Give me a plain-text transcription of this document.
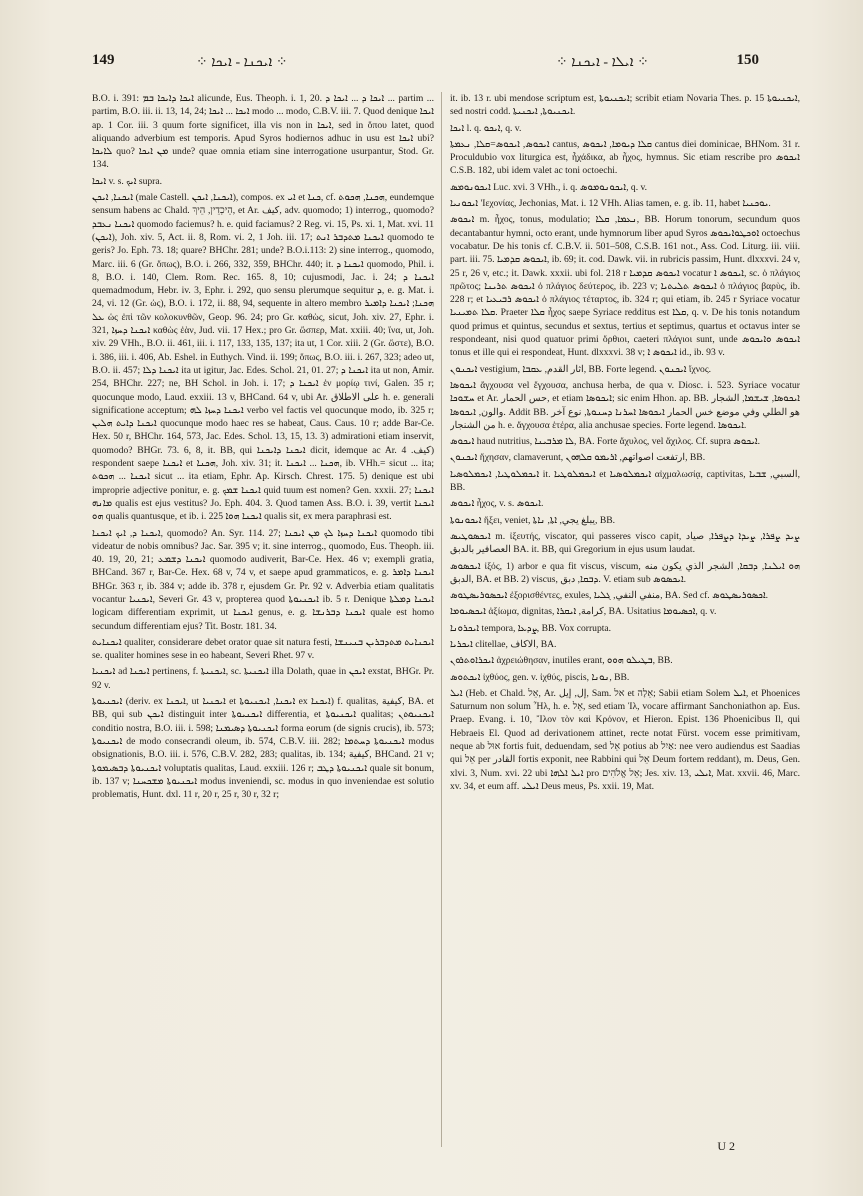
149	⁘ ܐܝܟܢܐ - ܐܝܟܐ ⁘	⁘ ܐܝܠܐ - ܐܝܟܢܐ ⁘	150

B.O. i. 391: ܐܝܟܐ ܕܐܝܟܐ ܒܡ alicunde, Eus. Theoph. i. 1, 20. ܐܝܟܐ ܕ ... ܐܝܟܐ ܕ ... partim ... partim, B.O. iii. ii. 13, 14, 24; ܐܝܟܐ ... ܐܝܟܐ modo ... modo, C.B.V. iii. 7. Quod denique ܐܝܟܐ ap. 1 Cor. iii. 3 quum forte significet, illa vis non in ܐܝܟܐ, sed in ὅπου latet, quod aliquando adverbium est temporis. Apud Syros hodiernos adhuc in usu est ܐܝܟܐ ubi? ܠܐܝܟܐ quo? ܡܢ ܐܝܟܐ unde? quae omnia etiam sine interrogatione usurpantur, Stod. Gr. 134.

ܐܝܟܐ v. s. ܐܝܟ supra.

ܐܝܟܢܐ, ܐܝܟܢ (male Castell. ܐܝܟܢܐ, ܐܝܟܢ), compos. ex ܐܝ et ܟܢܐ, cf. ܗܟܢܐ, ܗܟܘܬ, eundemque sensum habens ac Chald. הֵיכְדֵין, הֵיךְ, et Ar. كيف, adv. quomodo; 1) interrog., quomodo? ܐܝܟܢܐ ܢܥܒܕ quomodo faciemus? h. e. quid faciamus? 2 Reg. vi. 15, Ps. xi. 1, Mat. xvi. 11 (ܐܝܟܢ), Joh. xiv. 5, Act. ii. 8, Rom. vi. 2, 1 Joh. iii. 17; ܐܝܟܢܐ ܡܬܕܒܪ ܐܢܬ quomodo te geris? Jo. Eph. 73. 18; quare? BHChr. 281; unde? B.O.i.113: 2) sine interrog., quomodo, Marc. iii. 6 (Gr. ὅπως), B.O. i. 266, 332, 359, BHChr. 440; it. ܐܝܟܢܐ ܕ quomodo, Phil. i. 8, B.O. i. 140, Clem. Rom. Rec. 165. 8, 10; cujusmodi, Jac. i. 24; ܐܝܟܢܐ ܕ quemadmodum, Hebr. iv. 3, Ephr. i. 292, quo sensu plerumque sequitur ܕ, e. g. Mat. i. 24, vi. 12 (Gr. ὡς), B.O. i. 172, ii. 88, 94, sequente in altero membro ܗܟܢܐ; ܐܝܟܢܐ ܕܐܡܝܪ ܥܠ ὡς ἐπὶ τῶν κολοκυνθῶν, Geop. 96. 24; pro Gr. καθὼς, sicut, Joh. xiv. 27, Ephr. i. 321, ܐܝܟܢܐ ܕܚܙܐ καθὼς ἐὰν, Jud. vii. 17 Hex.; pro Gr. ὥσπερ, Mat. xxiii. 40; ἵνα, ut, Joh. xiv. 29 VHh., B.O. ii. 461, iii. i. 117, 133, 135, 137; ita ut, 1 Cor. xiii. 2 (Gr. ὥστε), B.O. i. 386, iii. i. 406, Ab. Eshel. in Euthych. Vind. ii. 199; ὅπως, B.O. iii. i. 267, 323; adeo ut, B.O. ii. 457; ܐܝܟܢܐ ܕܠܐ ita ut igitur, Jac. Edes. Schol. 21, 01. 27; ܐܝܟܢܐ ܕ ita ut non, Amir. 254, BHChr. 227; ne, BH Schol. in Joh. i. 17; ܐܝܟܢܐ ܕ ἐν μορίῳ τινί, Galen. 35 r; quocunque modo, Laud. exxiii. 13 v, BHCand. 64 v, ubi Ar. على الاطلاق h. e. generali significatione acceptum; ܐܝܟܢܐ ܕܚܙܐ ܠܗ verbo vel factis vel quocunque modo, ib. 325 r; ܐܝܟܢܐ ܕܐܝܬ ܗܠܝܢ quocunque modo haec res se habeat, Caus. Caus. 10 r; adde Bar-Ce. Hex. 50 r, BHChr. 164, 573, Jac. Edes. Schol. 13, 15, 13. 3) admirationi etiam inservit, quomodo? BHGr. 73. 6, 8, it. BB, qui ܐܝܟܢܐ ܕܐܝܟܢܐ dicit, idemque ac Ar. كيف. 4) respondent saepe ܐܝܟܢܐ et ܗܟܢܐ, Joh. xiv. 31; it. ܗܟܢܐ ... ܐܝܟܢܐ, ib. VHh.= sicut ... ita; ܐܝܟܢܐ ... ܗܟܘܬ sicut ... ita etiam, Ephr. Ap. Kirsch. Chrest. 175. 5) denique est ubi improprie adjective ponitur, e. g. ܐܝܟܢܐ ܫܡܟ quid tuum est nomen? Gen. xxxii. 27; ܐܝܟܢܐ ܡܐܢܗ qualis est ejus vestitus? Jo. Eph. 404. 3. Quod tamen Ass. B.O. i. 39, vertit ܐܝܟܢܐ ܗܘ qualis quantusque, et ib. i. 225 ܐܝܟܢܐ ܗܘܐ qualis sit, ex mera paraphrasi est.

ܐܝܟܢܐ ܕ, ܐܝܟ ܐܝܟܢܐ, quomodo? An. Syr. 114. 27; ܐܝܟܢܐ ܕܚܙܐ ܠܟ ܡܢ ܐܝܟܢܐ quomodo tibi videatur de nobis omnibus? Jac. Sar. 395 v; it. sine interrog., quomodo, Eus. Theoph. iii. 40. 19, 20, 21; ܐܝܟܢܐ ܕܫܡܥ quomodo audiverit, Bar-Ce. Hex. 46 v; exempli gratia, BHCand. 367 r, Bar-Ce. Hex. 68 v, 74 v, et saepe apud grammaticos, e. g. ܐܝܟܢܐ ܕܐܡܪ BHGr. 363 r, ib. 384 v; adde ib. 378 r, ejusdem Gr. Pr. 92 v. Adverbia etiam qualitatis vocantur ܐܝܟܢܝܐ, Severi Gr. 43 v, propterea quod ܐܝܟܢܝܘܬܐ ib. 5 r. Denique ܐܝܟܢܐ ܕܡܠܬܐ logicam differentiam exprimit, ut ܐܝܟܢܐ genus, e. g. ܐܝܟܢܐ ܕܒܪܢܫܐ quale est homo secundum differentiam ejus? Tit. Bostr. 181. 34.

ܐܝܟܢܐܝܬ qualiter, considerare debet orator quae sit natura festi, ܐܝܟܢܐܝܬ ܡܬܕܒܪܝܢ ܒܢܝܢܫܐ se. qualiter homines sese in eo habeant, Severi Rhet. 97 v.

ܐܝܟܢܝܐ ad ܐܝܟܢܐ pertinens, f. ܐܝܟܢܝܬܐ, sc. ܐܝܟܢܝܬܐ illa Dolath, quae in ܐܝܟܢ exstat, BHGr. Pr. 92 v.

ܐܝܟܢܝܘܬܐ (deriv. ex ܐܝܟܢܐ, ut ܐܝܟܢܝܐ et ܐܝܟܢܐ, ܐܝܟܢܝܘܬܐ ex ܐܝܟܢܐ) f. qualitas, كيفية, BA. et BB, qui sub ܐܝܟܢ distinguit inter ܐܝܟܢܝܘܬܐ differentia, et ܐܝܟܢܝܘܬܐ qualitas; ܐܝܟܢܝܘܬܢ conditio nostra, B.O. iii. i. 598; ܐܝܟܢܝܘܬܐ ܕܣܝܡܢܐ forma eorum (de signis crucis), ib. 573; ܐܝܟܢܝܘܬܐ de modo consecrandi oleum, ib. 574, C.B.V. iii. 282; ܐܝܟܢܝܘܬܐ ܕܚܬܡܐ modus obsignationis, B.O. iii. i. 576, C.B.V. 282, 283; qualitas, ib. 134; كيفية, BHCand. 21 v; ܐܝܟܢܝܘܬܐ ܕܒܣܝܡܘܬܐ voluptatis qualitas, Laud. exxiii. 126 r; ܐܝܟܢܝܘܬܐ ܕܛܒ quale sit bonum, ib. 137 v; ܐܝܟܢܝܘܬܐ ܡܫܟܚܢܐ modus inveniendi, sc. modus in quo inveniendae est solutio problematis, Hunt. dxl. 11 r, 20 r, 25 r, 30 r, 32 r;

it. ib. 13 r. ubi mendose scriptum est, ܐܝܟܢܝܘܬܐ; scribit etiam Novaria Thes. p. 15 ܐܝܟܢܝܘܬܐ, sed nostri codd. ܐܝܟܢܝܘܬܐ, ܐܝܟܢܝܬܐ.

ܐܝܟܐ l. q. ܐܝܟܘ, q. v.

ܐܝܟܘܣ, ܐܝܟܘܣ=ܩܠܐ, ܢܥܡܬܐ cantus, ܩܠܐ ܕܝܘܡܐ, ܐܝܟܘܣ cantus diei dominicae, BHNom. 31 r. Proculdubio vox liturgica est, ἦχάδικα, ab ἦχος, hymnus. Sic etiam rescribe pro ܐܝܟܘܣ C.S.B. 182, ubi idem valet ac toni octoechi.

ܐܝܟܘܢܘܡܣ Luc. xvi. 3 VHh., i. q. ܐܝܟܘܢܘܡܘܣ, q. v.

ܐܝܟܘܢܝܐ 'Ιεχονίας, Jechonias, Mat. i. 12 VHh. Alias tamen, e. g. ib. 11, habet ܝܘܟܢܝܐ.

ܐܝܟܘܣ m. ἦχος, tonus, modulatio; ܢܥܡܐ, ܩܠܐ, BB. Horum tonorum, secundum quos decantabantur hymni, octo erant, unde hymnorum liber apud Syros ܐܘܟܛܘܐܝܟܘܣ octoechus vocabatur. De his tonis cf. C.B.V. ii. 501–508, C.S.B. 161 not., Ass. Cod. Liturg. iii. viii. part. iii. 75. ܐܝܟܘܣ ܩܕܡܝܐ, ib. 69; it. cod. Dawk. vii. in rubricis passim, Hunt. dlxxxvi. 24 v, 25 r, 26 v, etc.; it. Dawk. xxxii. ubi fol. 218 r ܐܝܟܘܣ ܩܕܡܝܐ vocatur ܐܝܟܘܣ ܐ, sc. ὁ πλάγιος πρῶτος; ܐܝܟܘܣ ܬܪܝܢܐ ὁ πλάγιος δεύτερος, ib. 223 v; ܐܝܟܘܣ ܬܠܝܬܝܐ ὁ πλάγιος βαρὺς, ib. 228 r; et ܐܝܟܘܣ ܪܒܝܥܝܐ ὁ πλάγιος τέταρτος, ib. 324 r; qui etiam, ib. 245 r Syriace vocatur ܩܠܐ ܬܡܝܢܝܐ. Praeter ܩܠܐ ἦχος saepe Syriace redditus est ܩܠܐ, q. v. De his tonis notandum quod primus et quintus, secundus et sextus, tertius et septimus, quartus et octavus inter se respondeant, nisi quod quatuor primi ὄρθιοι, caeteri πλάγιοι sunt, unde ܐܝܟܘܣ ܘܐܝܟܘܣ tonus et ille qui ei respondeat, Hunt. dlxxxvi. 38 v; ܐܝܟܘܣ ܐ id., ib. 93 v.

ܐܝܟܢܘܢ vestigium, اثار القدم, ܥܩܒܐ, BB. Forte legend. ܐܝܟܢܘܢ ἴχνος.

ܐܝܟܘܣܐ ἄγχουσα vel ἔγχουσα, anchusa herba, de qua v. Diosc. i. 523. Syriace vocatur ܚܫܘܟܐ et Ar. حس الحمار, et etiam ܐܝܟܘܣܐ; sic enim Hhon. ap. BB. ܐܝܟܘܣܐ, ܫܝܫܡܐ, الشجار والون, ܐܝܟܘܣܐ. Addit BB. هو الطلي وفي موضع خس الحمار ܐܝܟܘܣܐ ܐܚܪܢܐ ܕܚܢܘܬܐ, نوع آخر من الشنجار h. e. ἄγχουσα ἑτέρα, alia anchusae species. Forte legend. ܐܝܟܘܣܐ.

ܐܝܟܘܣ haud nutritius, ܠܐ ܡܪܒܝܢܐ, BA. Forte ἄχυλος, vel ἄχιλος. Cf. supra ܐܝܟܘܣ.

ܐܝܟܢܘܢ ἤχησαν, clamaverunt, ارتفعت اصواتهم, ܐܪܝܡܘ ܩܠܗܘܢ, BB.

ܐܝܟܡܠܘܛܝܐ, ܐܝܟܡܠܘܣܝܐ it. ܐܝܟܡܠܘܛܝܐ et ܐܝܟܡܠܘܣܝܐ αἰχμαλωσίᾳ, captivitas, السبي, ܫܒܝܐ, BB.

ܐܝܟܘܣ ἦχος, v. s. ܐܝܟܘܣ.

ܐܝܟܘܢܘܬܐ ἥξει, veniet, يبلغ يجي, ܐܬܐ, ܢܐܬܐ, BB.

ܐܝܟܣܘܛܝܣ m. ἰξευτής, viscator, qui passeres visco capit, ܨܝܕ ܨܦܪܐ, ܨܝܕܐ ܕܨܦܪܐ, صياد العصافير بالدبق BA. it. BB, qui Gregorium in ejus usum laudat.

ܐܝܟܣܘܣ ἰξός, 1) arbor e qua fit viscus, viscum, ܗܘ ܐܝܠܢܐ, ܕܒܩܐ, الشجر الذي يكون منه الدبق, BA. et BB. 2) viscus, ܕܒܩܐ, دبق. V. etiam sub ܐܝܟܣܘܣ.

ܐܝܟܣܘܪܝܣܛܘܣ ἐξορισθέντες, exules, منفي النفي, ܓܠܝܐ, BA. Sed cf. ܐܟܣܘܪܝܣܛܘܣ.

ܐܝܟܣܝܘܡܐ ἀξίωμα, dignitas, كرامة, ܐܝܩܪܐ, BA. Usitatius ܐܟܣܝܘܡܐ, q. v.

ܐܝܟܪܘܢܐ tempora, ܨܕܥܐ, BB. Vox corrupta.

ܐܝܟܪܝܐ clitellae, الاكاف, BA.

ܐܝܟܪܐܘܬܪܘܢ ἀχρειώθησαν, inutiles erant, ܒܛܝܠܘ ܗܘܘ, BB.

ܐܝܟܬܘܣ ἰχθύος, gen. v. ἰχθύς, piscis, ܢܘܢܐ, BB.

ܐܝܠ (Heb. et Chald. אֵל, Ar. إل, إيل, Sam. אל et אֵלָה; Sabii etiam Solem ܐܝܠ, et Phoenices Saturnum non solum Ἦλ, h. e. אֵל, sed etiam Ἰλ, vocare affirmant Sanchoniathon ap. Eus. Praep. Evang. i. 10, Ἴλον τὸν καὶ Κρόνον, et Hieron. Epist. 136 Phoenicibus Il, qui Hebraeis El. Quod ad derivationem attinet, recte notat Fürst. vocem esse primitivam, neque ab אוּל fortis fuit, deduendam, sed אֵל potius ab אַיִל: nee vero audiendus est Saadias qui אֵל per القادر fortis exponit, nee Rabbini qui אֵל Deum fortem reddant), m. Deus, Gen. xlvi. 3, Num. xvi. 22 ubi ܐܝܠ ܐܠܗܐ pro אֵל אֱלֹהִים; Jes. xiv. 13, ܐܝܠܝ, Mat. xxvii. 46, Marc. xv. 34, et eum aff. ܐܝܠܝ Deus meus, Ps. xxii. 19, Mat.

U 2
